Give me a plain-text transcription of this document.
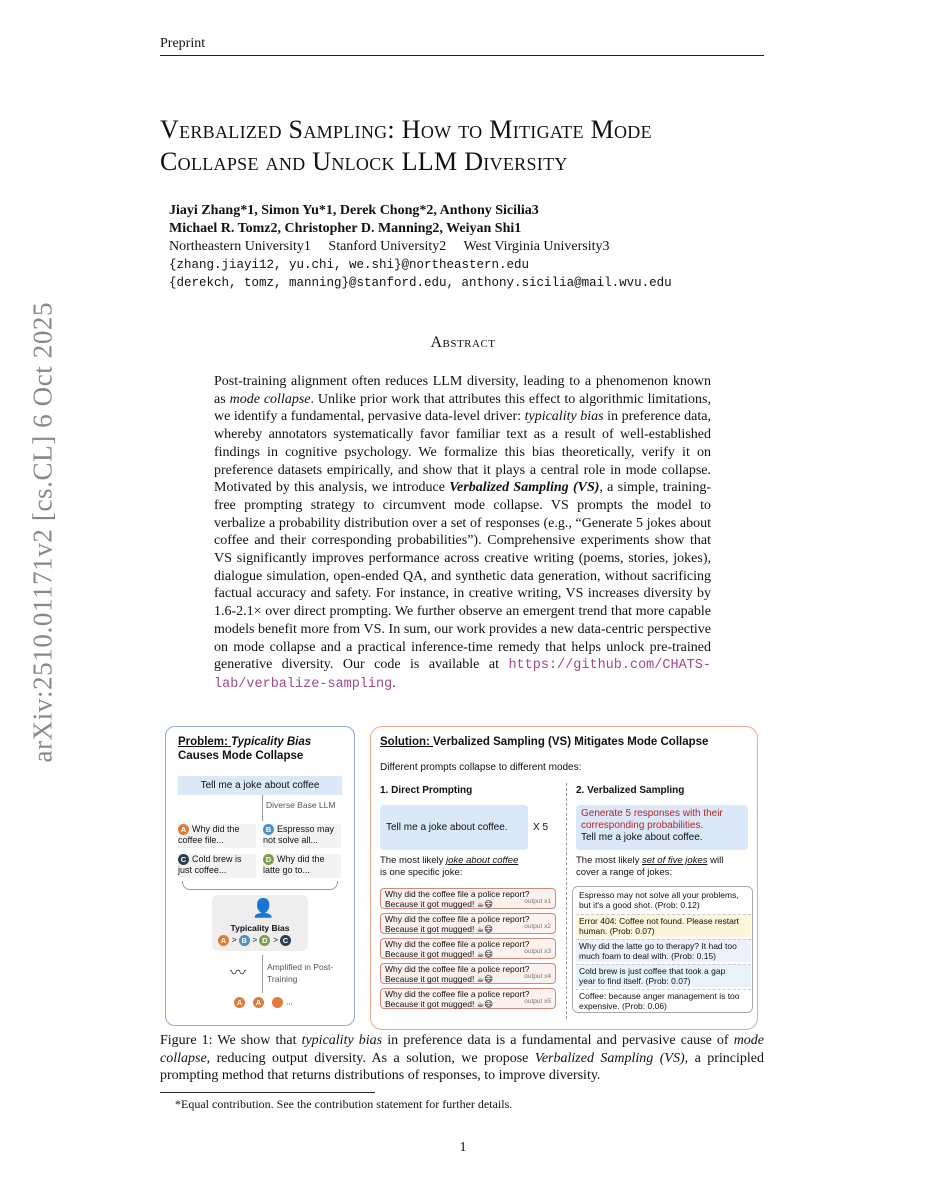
Preprint
Verbalized Sampling: How to Mitigate Mode
Collapse and Unlock LLM Diversity
Jiayi Zhang*1, Simon Yu*1, Derek Chong*2, Anthony Sicilia3
Michael R. Tomz2, Christopher D. Manning2, Weiyan Shi1
Northeastern University1     Stanford University2     West Virginia University3
{zhang.jiayi12, yu.chi, we.shi}@northeastern.edu
{derekch, tomz, manning}@stanford.edu, anthony.sicilia@mail.wvu.edu
Abstract
Post-training alignment often reduces LLM diversity, leading to a phenomenon known as mode collapse. Unlike prior work that attributes this effect to algorithmic limitations, we identify a fundamental, pervasive data-level driver: typicality bias in preference data, whereby annotators systematically favor familiar text as a result of well-established findings in cognitive psychology. We formalize this bias theoretically, verify it on preference datasets empirically, and show that it plays a central role in mode collapse. Motivated by this analysis, we introduce Verbalized Sampling (VS), a simple, training-free prompting strategy to circumvent mode collapse. VS prompts the model to verbalize a probability distribution over a set of responses (e.g., “Generate 5 jokes about coffee and their corresponding probabilities”). Comprehensive experiments show that VS significantly improves performance across creative writing (poems, stories, jokes), dialogue simulation, open-ended QA, and synthetic data generation, without sacrificing factual accuracy and safety. For instance, in creative writing, VS increases diversity by 1.6-2.1× over direct prompting. We further observe an emergent trend that more capable models benefit more from VS. In sum, our work provides a new data-centric perspective on mode collapse and a practical inference-time remedy that helps unlock pre-trained generative diversity. Our code is available at https://github.com/CHATS-lab/verbalize-sampling.
arXiv:2510.01171v2 [cs.CL] 6 Oct 2025	Problem: Typicality Bias
Causes Mode Collapse
Tell me a joke about coffee
Diverse Base LLM
A Why did the coffee file...
B Espresso may not solve all...
C Cold brew is just coffee...
D Why did the latte go to...
👤
Typicality Bias
A > B > D > C
〰 Amplified in Post-Training
A A	...
Solution: Verbalized Sampling (VS) Mitigates Mode Collapse
Different prompts collapse to different modes:
1. Direct Prompting	2. Verbalized Sampling
Tell me a joke about coffee.	X 5
Generate 5 responses with their corresponding probabilities.
Tell me a joke about coffee.
The most likely joke about coffee
is one specific joke:
The most likely set of five jokes will
cover a range of jokes:
Why did the coffee file a police report?
Because it got mugged! ☕😄	output x1
Why did the coffee file a police report?
Because it got mugged! ☕😄	output x2
Why did the coffee file a police report?
Because it got mugged! ☕😄	output x3
Why did the coffee file a police report?
Because it got mugged! ☕😄	output x4
Why did the coffee file a police report?
Because it got mugged! ☕😄	output x5
Espresso may not solve all your problems,
but it's a good shot. (Prob: 0.12)
Error 404: Coffee not found. Please restart
human. (Prob: 0.07)
Why did the latte go to therapy? It had too
much foam to deal with. (Prob: 0.15)
Cold brew is just coffee that took a gap
year to find itself. (Prob: 0.07)
Coffee: because anger management is too
expensive. (Prob: 0.06)
Figure 1: We show that typicality bias in preference data is a fundamental and pervasive cause of mode collapse, reducing output diversity. As a solution, we propose Verbalized Sampling (VS), a principled prompting method that returns distributions of responses, to improve diversity.
*Equal contribution. See the contribution statement for further details.
1
